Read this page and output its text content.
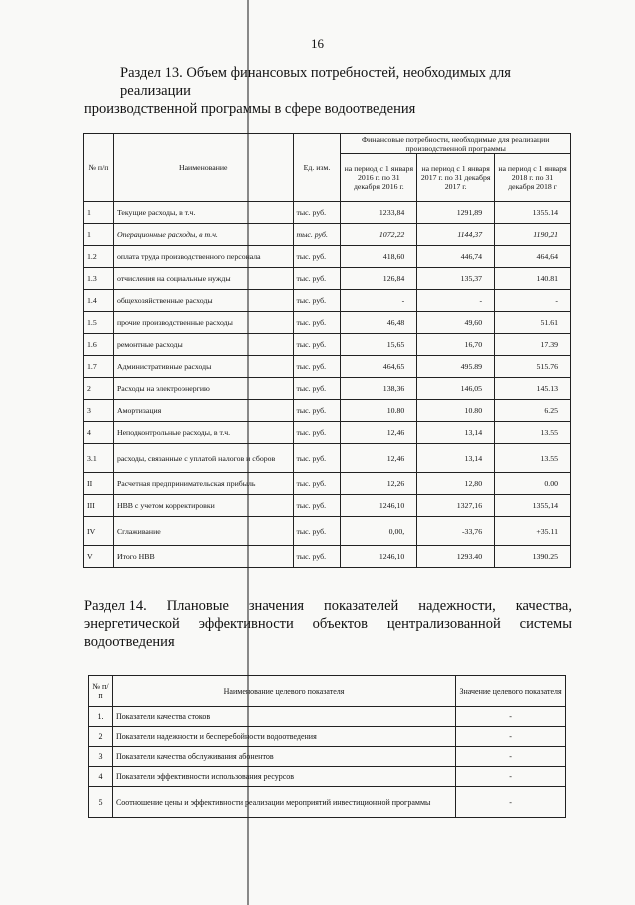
16
Раздел 13. Объем финансовых потребностей, необходимых для реализации
производственной программы в сфере водоотведения
№ п/п	Наименование	Ед. изм.	Финансовые потребности, необходимые для реализации производственной программы		
			на период с 1 января 2016 г. по 31 декабря 2016 г.	на период с 1 января 2017 г. по 31 декабря 2017 г.	на период с 1 января 2018 г. по 31 декабря 2018 г
1	Текущие расходы, в т.ч.	тыс. руб.	1233,84	1291,89	1355.14
1	Операционные расходы, в т.ч.	тыс. руб.	1072,22	1144,37	1190,21
1.2	оплата труда производственного персонала	тыс. руб.	418,60	446,74	464,64
1.3	отчисления на социальные нужды	тыс. руб.	126,84	135,37	140.81
1.4	общехозяйственные расходы	тыс. руб.	-	-	-
1.5	прочие производственные расходы	тыс. руб.	46,48	49,60	51.61
1.6	ремонтные расходы	тыс. руб.	15,65	16,70	17.39
1.7	Административные расходы	тыс. руб.	464,65	495.89	515.76
2	Расходы на электроэнергию	тыс. руб.	138,36	146,05	145.13
3	Амортизация	тыс. руб.	10.80	10.80	6.25
4	Неподконтрольные расходы, в т.ч.	тыс. руб.	12,46	13,14	13.55
3.1	расходы, связанные с уплатой налогов и сборов	тыс. руб.	12,46	13,14	13.55
II	Расчетная предпринимательская прибыль	тыс. руб.	12,26	12,80	0.00
III	НВВ с учетом корректировки	тыс. руб.	1246,10	1327,16	1355,14
IV	Сглаживание	тыс. руб.	0,00,	-33,76	+35.11
V	Итого НВВ	тыс. руб.	1246,10	1293.40	1390.25
Раздел 14. Плановые значения показателей надежности, качества,
энергетической эффективности объектов централизованной системы
водоотведения
№ п/п	Наименование целевого показателя	Значение целевого показателя
1.	Показатели качества стоков	-
2	Показатели надежности и бесперебойности водоотведения	-
3	Показатели качества обслуживания абонентов	-
4	Показатели эффективности использования ресурсов	-
5	Соотношение цены и эффективности реализации мероприятий инвестиционной программы	-
